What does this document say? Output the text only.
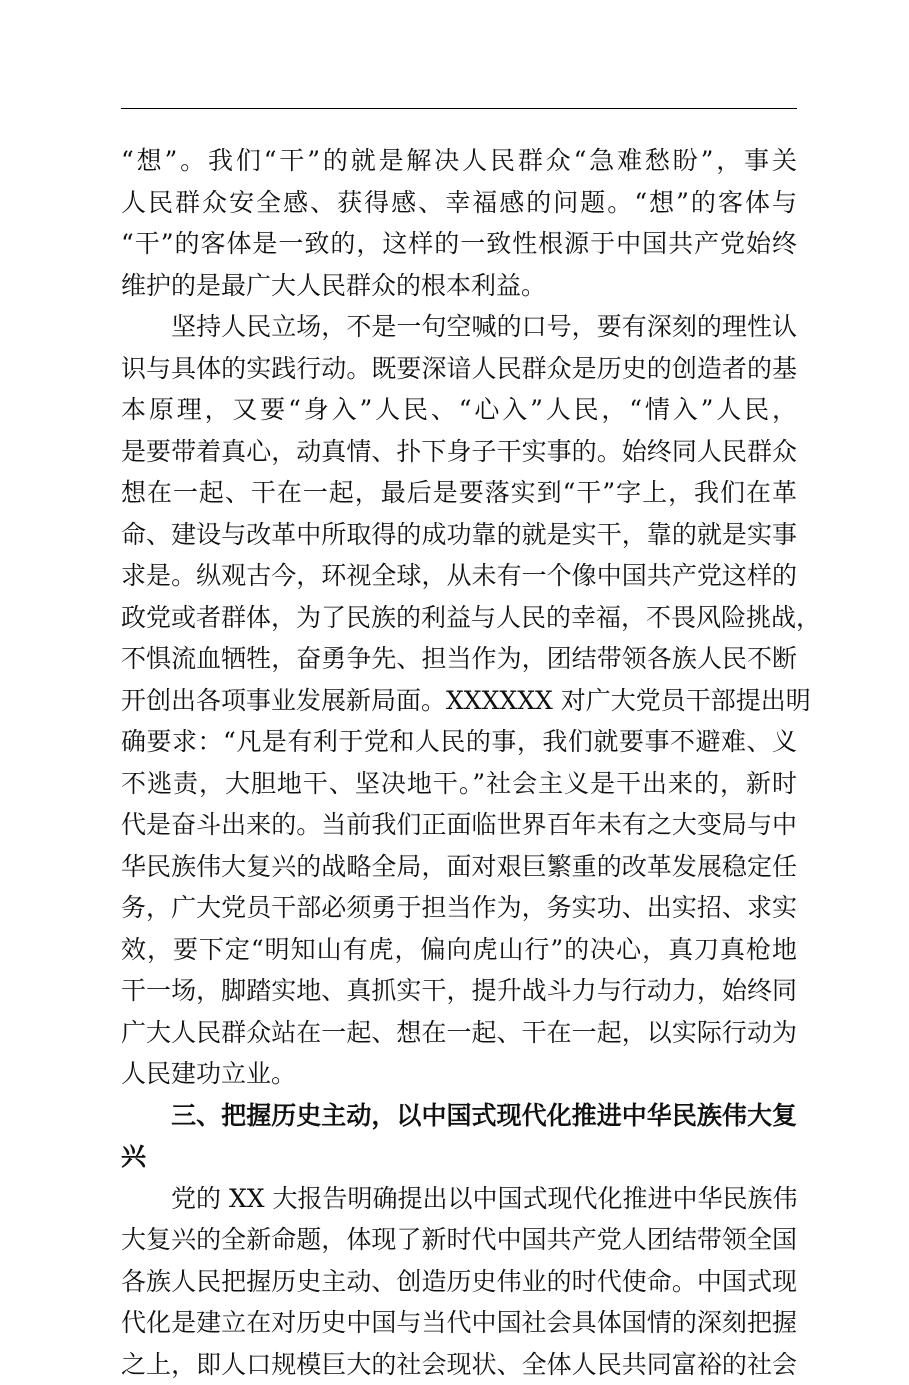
“想”。我们“干”的就是解决人民群众“急难愁盼”，事关
人民群众安全感、获得感、幸福感的问题。“想”的客体与
“干”的客体是一致的，这样的一致性根源于中国共产党始终
维护的是最广大人民群众的根本利益。
　　坚持人民立场，不是一句空喊的口号，要有深刻的理性认
识与具体的实践行动。既要深谙人民群众是历史的创造者的基
本原理，又要“身入”人民、“心入”人民，“情入”人民，
是要带着真心，动真情、扑下身子干实事的。始终同人民群众
想在一起、干在一起，最后是要落实到“干”字上，我们在革
命、建设与改革中所取得的成功靠的就是实干，靠的就是实事
求是。纵观古今，环视全球，从未有一个像中国共产党这样的
政党或者群体，为了民族的利益与人民的幸福，不畏风险挑战，
不惧流血牺牲，奋勇争先、担当作为，团结带领各族人民不断
开创出各项事业发展新局面。XXXXXX 对广大党员干部提出明
确要求：“凡是有利于党和人民的事，我们就要事不避难、义
不逃责，大胆地干、坚决地干。”社会主义是干出来的，新时
代是奋斗出来的。当前我们正面临世界百年未有之大变局与中
华民族伟大复兴的战略全局，面对艰巨繁重的改革发展稳定任
务，广大党员干部必须勇于担当作为，务实功、出实招、求实
效，要下定“明知山有虎，偏向虎山行”的决心，真刀真枪地
干一场，脚踏实地、真抓实干，提升战斗力与行动力，始终同
广大人民群众站在一起、想在一起、干在一起，以实际行动为
人民建功立业。
　　三、把握历史主动，以中国式现代化推进中华民族伟大复
兴
　　党的 XX 大报告明确提出以中国式现代化推进中华民族伟
大复兴的全新命题，体现了新时代中国共产党人团结带领全国
各族人民把握历史主动、创造历史伟业的时代使命。中国式现
代化是建立在对历史中国与当代中国社会具体国情的深刻把握
之上，即人口规模巨大的社会现状、全体人民共同富裕的社会
